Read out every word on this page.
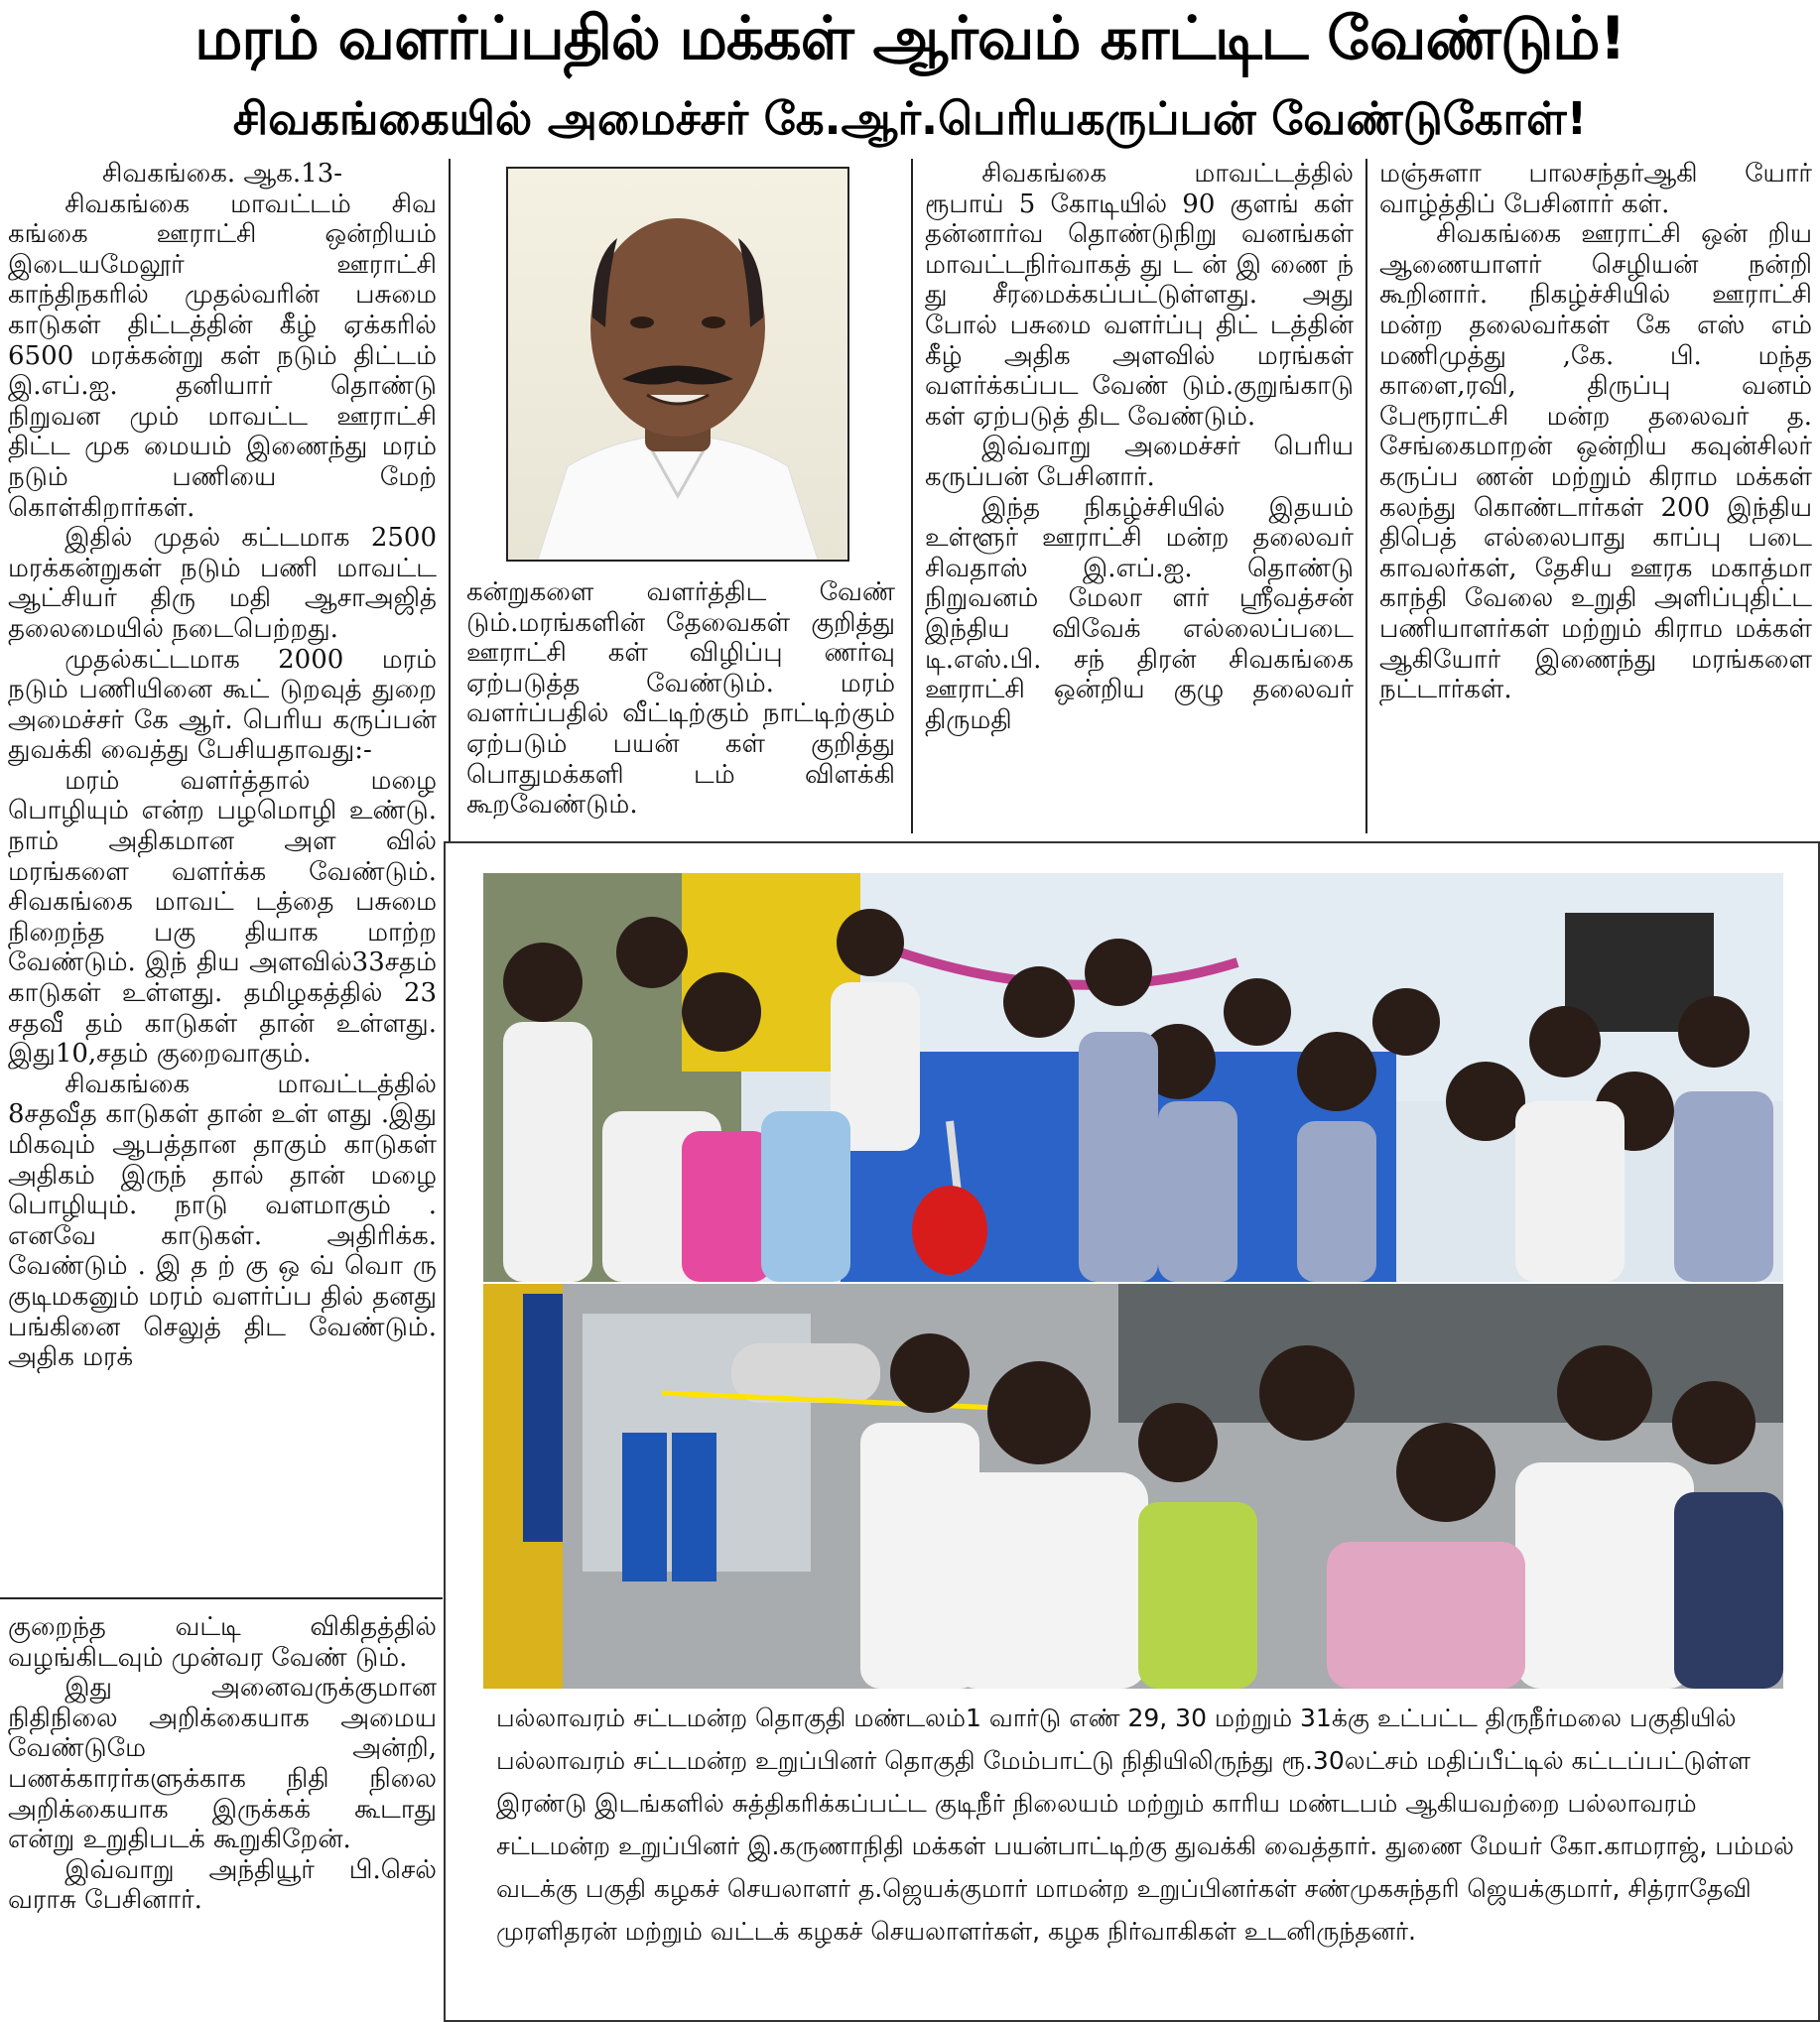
மரம் வளர்ப்பதில் மக்கள் ஆர்வம் காட்டிட வேண்டும்!
சிவகங்கையில் அமைச்சர் கே.ஆர்.பெரியகருப்பன் வேண்டுகோள்!

சிவகங்கை. ஆக.13-

சிவகங்கை மாவட்டம் சிவ கங்கை ஊராட்சி ஒன்றியம் இடையமேலூர் ஊராட்சி காந்திநகரில் முதல்வரின் பசுமை காடுகள் திட்டத்தின் கீழ் ஏக்கரில் 6500 மரக்கன்று கள் நடும் திட்டம் இ.எப்.ஐ. தனியார் தொண்டு நிறுவன மும் மாவட்ட ஊராட்சி திட்ட முக மையம் இணைந்து மரம் நடும் பணியை மேற் கொள்கிறார்கள்.

இதில் முதல் கட்டமாக 2500 மரக்கன்றுகள் நடும் பணி மாவட்ட ஆட்சியர் திரு மதி ஆசாஅஜித் தலைமையில் நடைபெற்றது.

முதல்கட்டமாக 2000 மரம் நடும் பணியினை கூட் டுறவுத் துறை அமைச்சர் கே ஆர். பெரிய கருப்பன் துவக்கி வைத்து பேசியதாவது:-

மரம் வளர்த்தால் மழை பொழியும் என்ற பழமொழி உண்டு. நாம் அதிகமான அள வில் மரங்களை வளர்க்க வேண்டும். சிவகங்கை மாவட் டத்தை பசுமை நிறைந்த பகு தியாக மாற்ற வேண்டும். இந் திய அளவில்33சதம் காடுகள் உள்ளது. தமிழகத்தில் 23 சதவீ தம் காடுகள் தான் உள்ளது. இது10,சதம் குறைவாகும்.

சிவகங்கை மாவட்டத்தில் 8சதவீத காடுகள் தான் உள் ளது .இது மிகவும் ஆபத்தான தாகும் காடுகள் அதிகம் இருந் தால் தான் மழை பொழியும். நாடு வளமாகும் . எனவே காடுகள். அதிரிக்க. வேண்டும் . இ த ற் கு ஒ வ் வொ ரு குடிமகனும் மரம் வளர்ப்ப தில் தனது பங்கினை செலுத் திட வேண்டும். அதிக மரக்

குறைந்த வட்டி விகிதத்தில் வழங்கிடவும் முன்வர வேண் டும்.

இது அனைவருக்குமான நிதிநிலை அறிக்கையாக அமைய வேண்டுமே அன்றி, பணக்காரர்களுக்காக நிதி நிலை அறிக்கையாக இருக்கக் கூடாது என்று உறுதிபடக் கூறுகிறேன்.

இவ்வாறு அந்தியூர் பி.செல் வராசு பேசினார்.

கன்றுகளை வளர்த்திட வேண் டும்.மரங்களின் தேவைகள் குறித்து ஊராட்சி கள் விழிப்பு ணர்வு ஏற்படுத்த வேண்டும். மரம் வளர்ப்பதில் வீட்டிற்கும் நாட்டிற்கும் ஏற்படும் பயன் கள் குறித்து பொதுமக்களி டம் விளக்கி கூறவேண்டும்.

சிவகங்கை மாவட்டத்தில் ரூபாய் 5 கோடியில் 90 குளங் கள் தன்னார்வ தொண்டுநிறு வனங்கள் மாவட்டநிர்வாகத் து ட ன் இ ணை ந் து சீரமைக்கப்பட்டுள்ளது. அது போல் பசுமை வளர்ப்பு திட் டத்தின் கீழ் அதிக அளவில் மரங்கள் வளர்க்கப்பட வேண் டும்.குறுங்காடு கள் ஏற்படுத் திட வேண்டும்.

இவ்வாறு அமைச்சர் பெரிய கருப்பன் பேசினார்.

இந்த நிகழ்ச்சியில் இதயம் உள்ளூர் ஊராட்சி மன்ற தலைவர் சிவதாஸ் இ.எப்.ஐ. தொண்டு நிறுவனம் மேலா ளர் ஸ்ரீவத்சன் இந்திய விவேக் எல்லைப்படை டி.எஸ்.பி. சந் திரன் சிவகங்கை ஊராட்சி ஒன்றிய குழு தலைவர் திருமதி

மஞ்சுளா பாலசந்தர்ஆகி யோர் வாழ்த்திப் பேசினார் கள்.

சிவகங்கை ஊராட்சி ஒன் றிய ஆணையாளர் செழியன் நன்றி கூறினார். நிகழ்ச்சியில் ஊராட்சி மன்ற தலைவர்கள் கே எஸ் எம் மணிமுத்து ,கே. பி. மந்த காளை,ரவி, திருப்பு வனம் பேரூராட்சி மன்ற தலைவர் த. சேங்கைமாறன் ஒன்றிய கவுன்சிலர் கருப்ப ணன் மற்றும் கிராம மக்கள் கலந்து கொண்டார்கள் 200 இந்திய திபெத் எல்லைபாது காப்பு படை காவலர்கள், தேசிய ஊரக மகாத்மா காந்தி வேலை உறுதி அளிப்புதிட்ட பணியாளர்கள் மற்றும் கிராம மக்கள் ஆகியோர் இணைந்து மரங்களை நட்டார்கள்.

பல்லாவரம் சட்டமன்ற தொகுதி மண்டலம்1 வார்டு எண் 29, 30 மற்றும் 31க்கு உட்பட்ட திருநீர்மலை பகுதியில் பல்லாவரம் சட்டமன்ற உறுப்பினர் தொகுதி மேம்பாட்டு நிதியிலிருந்து ரூ.30லட்சம் மதிப்பீட்டில் கட்டப்பட்டுள்ள இரண்டு இடங்களில் சுத்திகரிக்கப்பட்ட குடிநீர் நிலையம் மற்றும் காரிய மண்டபம் ஆகியவற்றை பல்லாவரம் சட்டமன்ற உறுப்பினர் இ.கருணாநிதி மக்கள் பயன்பாட்டிற்கு துவக்கி வைத்தார். துணை மேயர் கோ.காமராஜ், பம்மல் வடக்கு பகுதி கழகச் செயலாளர் த.ஜெயக்குமார் மாமன்ற உறுப்பினர்கள் சண்முகசுந்தரி ஜெயக்குமார், சித்ராதேவி முரளிதரன் மற்றும் வட்டக் கழகச் செயலாளர்கள், கழக நிர்வாகிகள் உடனிருந்தனர்.
